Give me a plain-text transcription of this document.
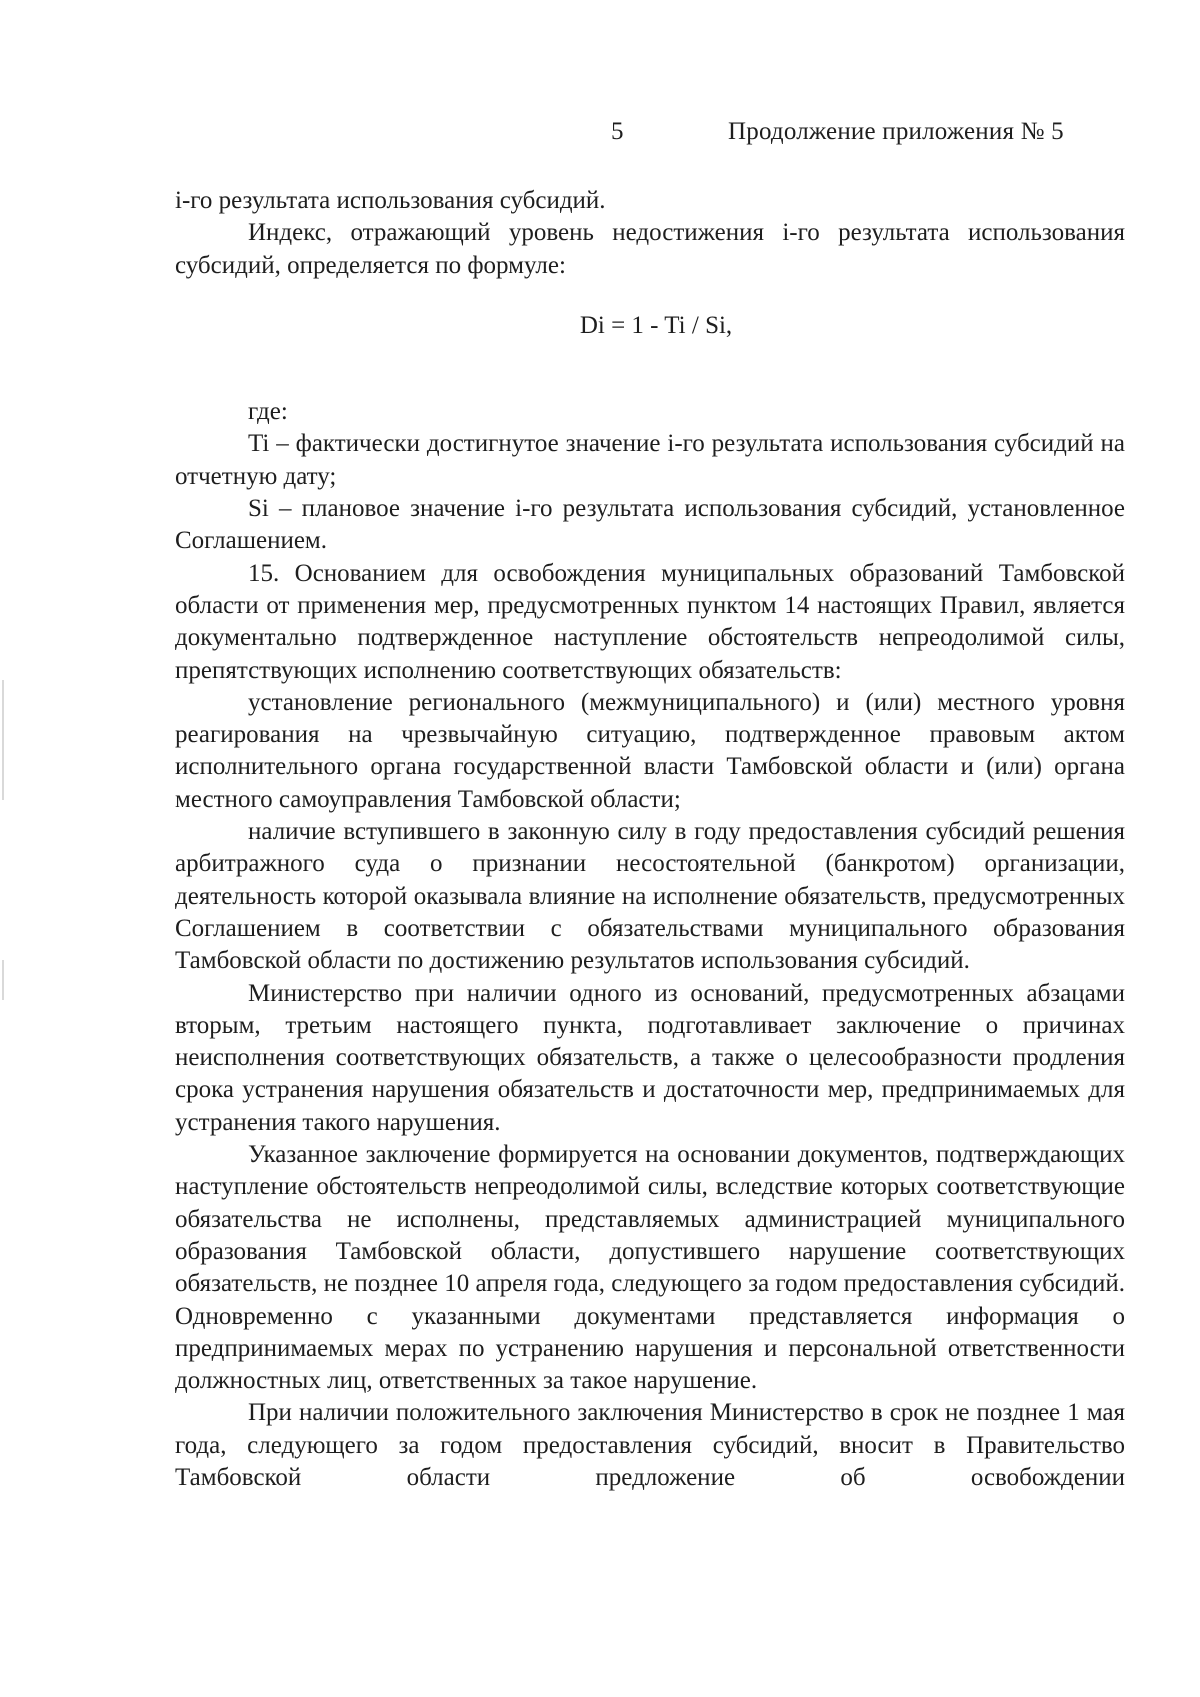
5	Продолжение приложения № 5

i-го результата использования субсидий.

Индекс, отражающий уровень недостижения i-го результата использования субсидий, определяется по формуле:

Di = 1 - Ti / Si,

где:

Ti – фактически достигнутое значение i-го результата использования субсидий на отчетную дату;

Si – плановое значение i-го результата использования субсидий, установленное Соглашением.

15. Основанием для освобождения муниципальных образований Тамбовской области от применения мер, предусмотренных пунктом 14 настоящих Правил, является документально подтвержденное наступление обстоятельств непреодолимой силы, препятствующих исполнению соответствующих обязательств:

установление регионального (межмуниципального) и (или) местного уровня реагирования на чрезвычайную ситуацию, подтвержденное правовым актом исполнительного органа государственной власти Тамбовской области и (или) органа местного самоуправления Тамбовской области;

наличие вступившего в законную силу в году предоставления субсидий решения арбитражного суда о признании несостоятельной (банкротом) организации, деятельность которой оказывала влияние на исполнение обязательств, предусмотренных Соглашением в соответствии с обязательствами муниципального образования Тамбовской области по достижению результатов использования субсидий.

Министерство при наличии одного из оснований, предусмотренных абзацами вторым, третьим настоящего пункта, подготавливает заключение о причинах неисполнения соответствующих обязательств, а также о целесообразности продления срока устранения нарушения обязательств и достаточности мер, предпринимаемых для устранения такого нарушения.

Указанное заключение формируется на основании документов, подтверждающих наступление обстоятельств непреодолимой силы, вследствие которых соответствующие обязательства не исполнены, представляемых администрацией муниципального образования Тамбовской области, допустившего нарушение соответствующих обязательств, не позднее 10 апреля года, следующего за годом предоставления субсидий. Одновременно с указанными документами представляется информация о предпринимаемых мерах по устранению нарушения и персональной ответственности должностных лиц, ответственных за такое нарушение.

При наличии положительного заключения Министерство в срок не позднее 1 мая года, следующего за годом предоставления субсидий, вносит в Правительство Тамбовской области предложение об освобождении
